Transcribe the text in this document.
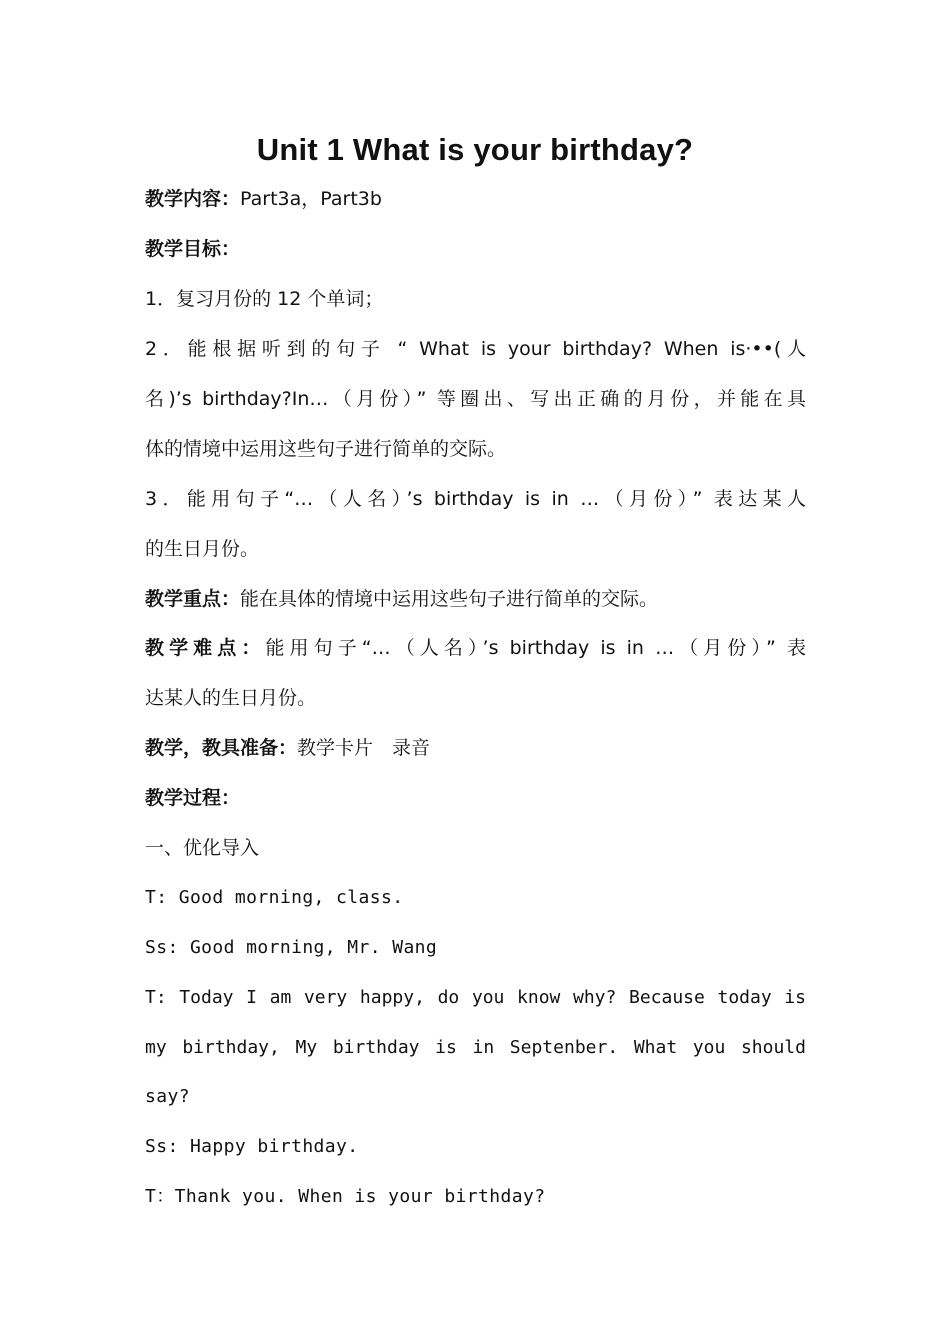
Unit 1 What is your birthday?
教学内容：Part3a，Part3b
教学目标：
1．复习月份的 12 个单词；
2．能根据听到的句子 “ What is your birthday? When is·••(人
名)’s birthday?In…（月份）” 等圈出、写出正确的月份，并能在具
体的情境中运用这些句子进行简单的交际。
3．能用句子“…（人名）’s birthday is in …（月份）” 表达某人
的生日月份。
教学重点：能在具体的情境中运用这些句子进行简单的交际。
教学难点：能用句子“…（人名）’s birthday is in …（月份）” 表
达某人的生日月份。
教学，教具准备：教学卡片　录音
教学过程：
一、优化导入
T: Good morning, class.
Ss: Good morning, Mr. Wang
T: Today I am very happy, do you know why? Because today is
my birthday, My birthday is in Septenber. What you should
say?
Ss: Happy birthday.
T：Thank you. When is your birthday?
